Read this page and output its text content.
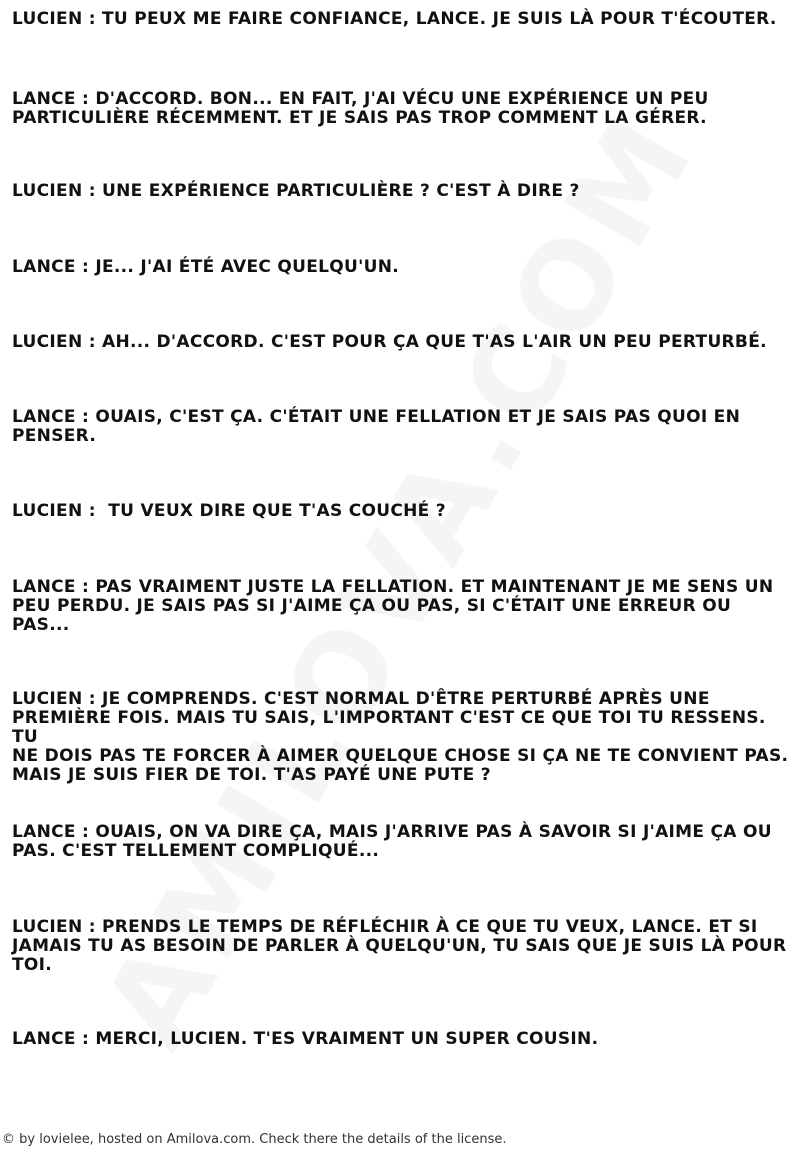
LUCIEN : TU PEUX ME FAIRE CONFIANCE, LANCE. JE SUIS LÀ POUR T'ÉCOUTER.

LANCE : D'ACCORD. BON... EN FAIT, J'AI VÉCU UNE EXPÉRIENCE UN PEU
PARTICULIÈRE RÉCEMMENT. ET JE SAIS PAS TROP COMMENT LA GÉRER.

LUCIEN : UNE EXPÉRIENCE PARTICULIÈRE ? C'EST À DIRE ?

LANCE : JE... J'AI ÉTÉ AVEC QUELQU'UN.

LUCIEN : AH... D'ACCORD. C'EST POUR ÇA QUE T'AS L'AIR UN PEU PERTURBÉ.

LANCE : OUAIS, C'EST ÇA. C'ÉTAIT UNE FELLATION ET JE SAIS PAS QUOI EN
PENSER.

LUCIEN :  TU VEUX DIRE QUE T'AS COUCHÉ ?

LANCE : PAS VRAIMENT JUSTE LA FELLATION. ET MAINTENANT JE ME SENS UN
PEU PERDU. JE SAIS PAS SI J'AIME ÇA OU PAS, SI C'ÉTAIT UNE ERREUR OU
PAS...

LUCIEN : JE COMPRENDS. C'EST NORMAL D'ÊTRE PERTURBÉ APRÈS UNE
PREMIÈRE FOIS. MAIS TU SAIS, L'IMPORTANT C'EST CE QUE TOI TU RESSENS. TU
NE DOIS PAS TE FORCER À AIMER QUELQUE CHOSE SI ÇA NE TE CONVIENT PAS.
MAIS JE SUIS FIER DE TOI. T'AS PAYÉ UNE PUTE ?

LANCE : OUAIS, ON VA DIRE ÇA, MAIS J'ARRIVE PAS À SAVOIR SI J'AIME ÇA OU
PAS. C'EST TELLEMENT COMPLIQUÉ...

LUCIEN : PRENDS LE TEMPS DE RÉFLÉCHIR À CE QUE TU VEUX, LANCE. ET SI
JAMAIS TU AS BESOIN DE PARLER À QUELQU'UN, TU SAIS QUE JE SUIS LÀ POUR
TOI.

LANCE : MERCI, LUCIEN. T'ES VRAIMENT UN SUPER COUSIN.

© by lovielee, hosted on Amilova.com. Check there the details of the license.
